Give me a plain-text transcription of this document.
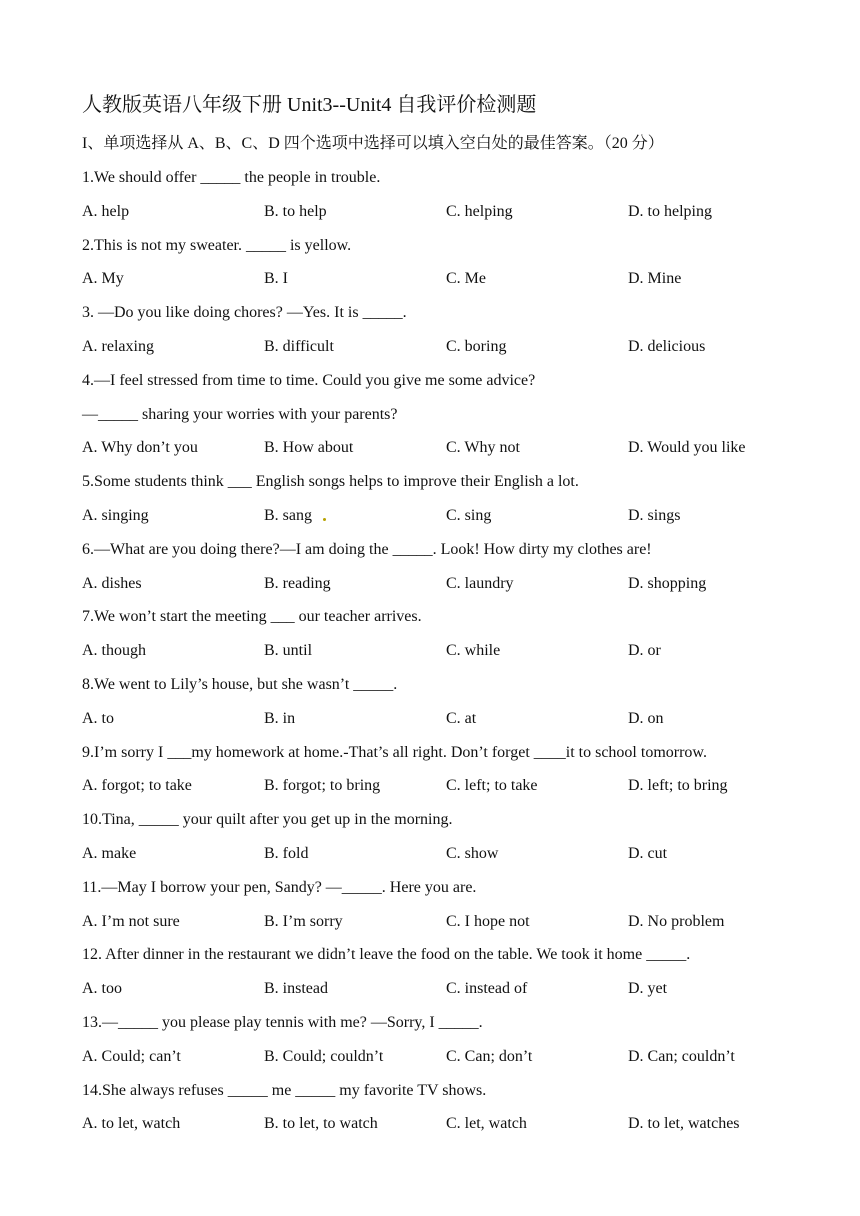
人教版英语八年级下册 Unit3--Unit4 自我评价检测题
I、单项选择从 A、B、C、D 四个选项中选择可以填入空白处的最佳答案。（20 分）
1.We should offer _____ the people in trouble.
A. help	B. to help	C. helping	D. to helping
2.This is not my sweater. _____ is yellow.
A. My	B. I	C. Me	D. Mine
3. —Do you like doing chores? —Yes. It is _____.
A. relaxing	B. difficult	C. boring	D. delicious
4.—I feel stressed from time to time. Could you give me some advice?
—_____ sharing your worries with your parents?
A. Why don’t you	B. How about	C. Why not	D. Would you like
5.Some students think ___ English songs helps to improve their English a lot.
A. singing	B. sang	C. sing	D. sings
6.—What are you doing there?—I am doing the _____. Look! How dirty my clothes are!
A. dishes	B. reading	C. laundry	D. shopping
7.We won’t start the meeting ___ our teacher arrives.
A. though	B. until	C. while	D. or
8.We went to Lily’s house, but she wasn’t _____.
A. to	B. in	C. at	D. on
9.I’m sorry I ___my homework at home.-That’s all right. Don’t forget ____it to school tomorrow.
A. forgot; to take	B. forgot; to bring	C. left; to take	D. left; to bring
10.Tina, _____ your quilt after you get up in the morning.
A. make	B. fold	C. show	D. cut
11.—May I borrow your pen, Sandy? —_____. Here you are.
A. I’m not sure	B. I’m sorry	C. I hope not	D. No problem
12. After dinner in the restaurant we didn’t leave the food on the table. We took it home _____.
A. too	B. instead	C. instead of	D. yet
13.—_____ you please play tennis with me? —Sorry, I _____.
A. Could; can’t	B. Could; couldn’t	C. Can; don’t	D. Can; couldn’t
14.She always refuses _____ me _____ my favorite TV shows.
A. to let, watch	B. to let, to watch	C. let, watch	D. to let, watches
